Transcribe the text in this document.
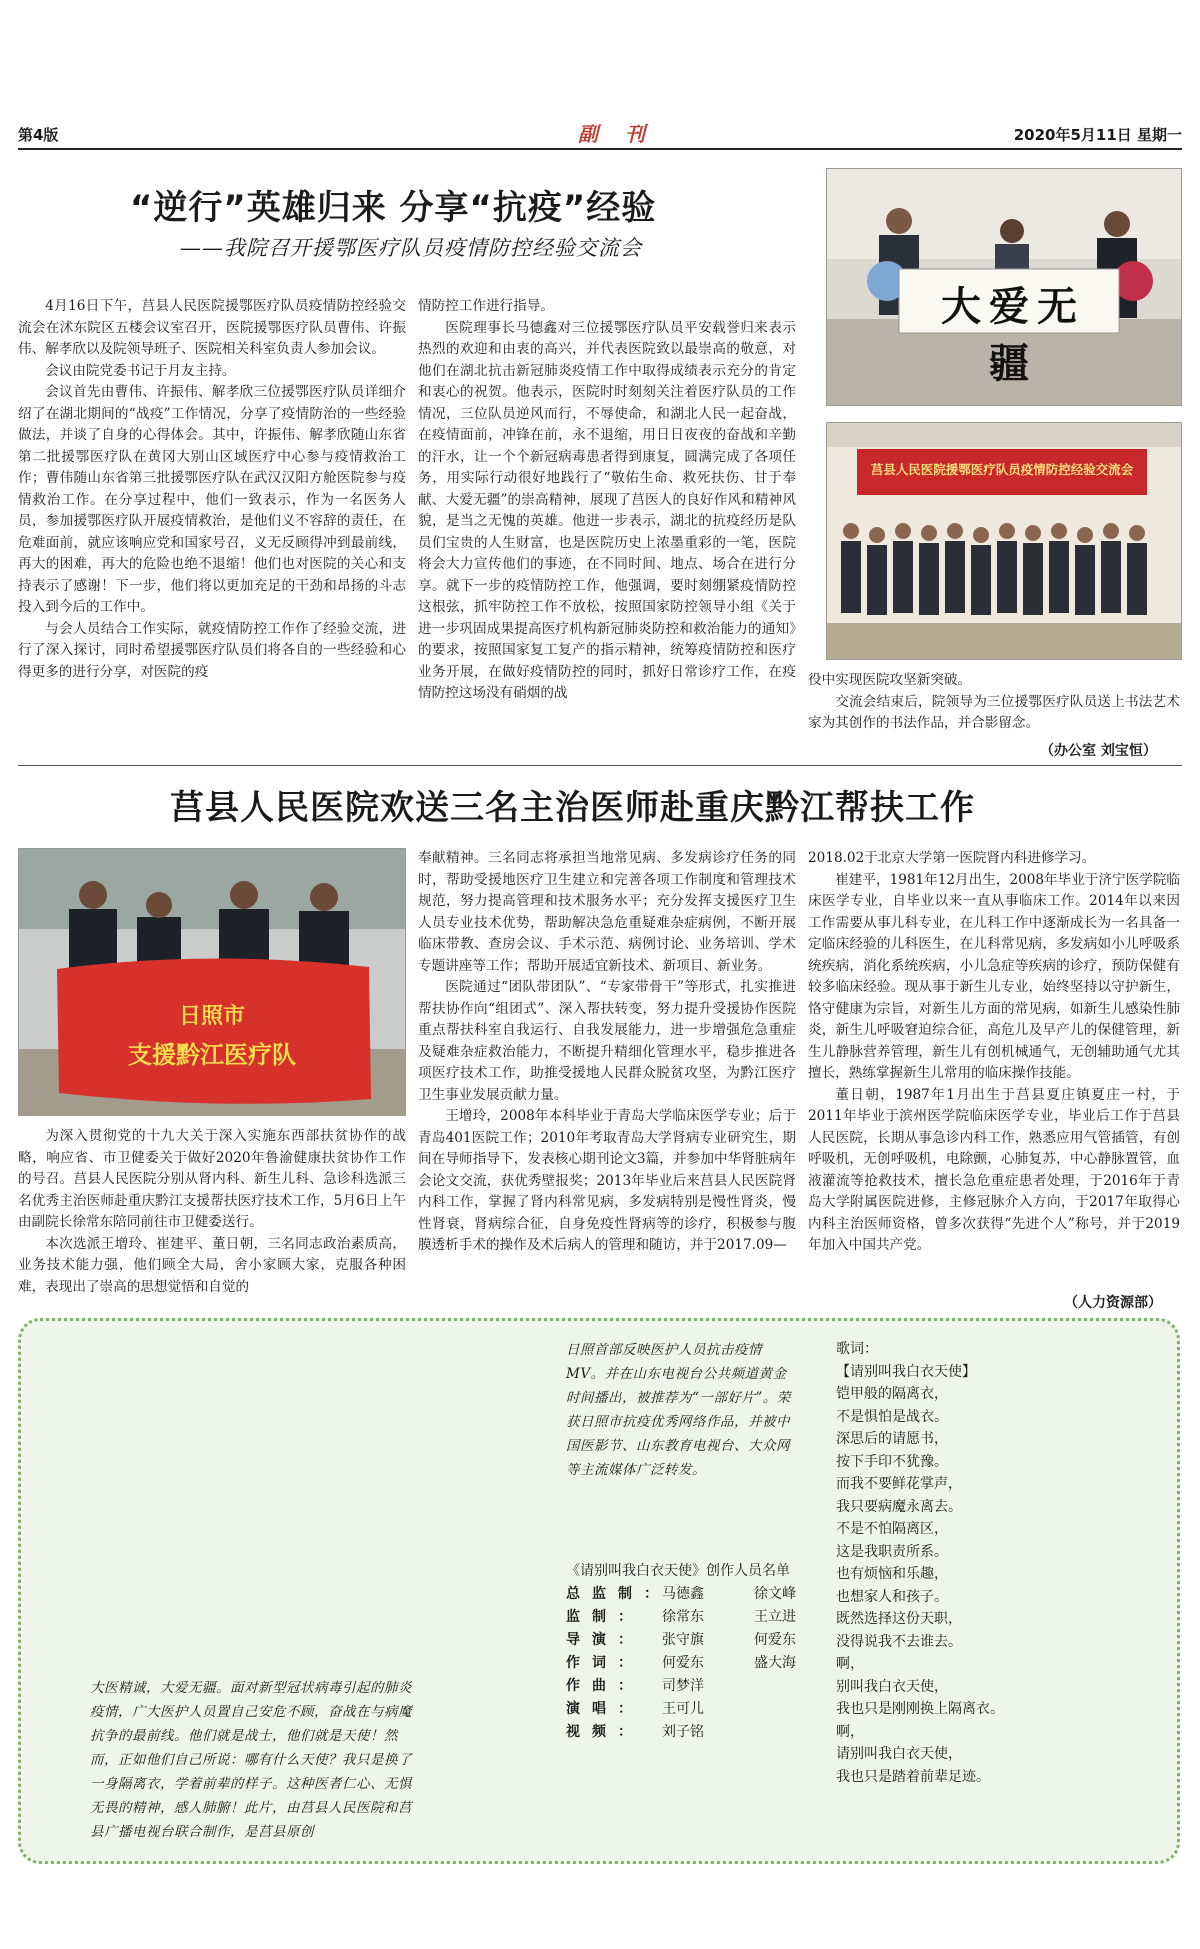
第4版	副 刊	2020年5月11日 星期一
“逆行”英雄归来 分享“抗疫”经验
——我院召开援鄂医疗队员疫情防控经验交流会

4月16日下午，莒县人民医院援鄂医疗队员疫情防控经验交流会在沭东院区五楼会议室召开，医院援鄂医疗队员曹伟、许振伟、解孝欣以及院领导班子、医院相关科室负责人参加会议。

会议由院党委书记于月友主持。

会议首先由曹伟、许振伟、解孝欣三位援鄂医疗队员详细介绍了在湖北期间的“战疫”工作情况，分享了疫情防治的一些经验做法，并谈了自身的心得体会。其中，许振伟、解孝欣随山东省第二批援鄂医疗队在黄冈大别山区域医疗中心参与疫情救治工作；曹伟随山东省第三批援鄂医疗队在武汉汉阳方舱医院参与疫情救治工作。在分享过程中，他们一致表示，作为一名医务人员，参加援鄂医疗队开展疫情救治，是他们义不容辞的责任，在危难面前，就应该响应党和国家号召，义无反顾得冲到最前线，再大的困难，再大的危险也绝不退缩！他们也对医院的关心和支持表示了感谢！下一步，他们将以更加充足的干劲和昂扬的斗志投入到今后的工作中。

与会人员结合工作实际，就疫情防控工作作了经验交流，进行了深入探讨，同时希望援鄂医疗队员们将各自的一些经验和心得更多的进行分享，对医院的疫

情防控工作进行指导。

医院理事长马德鑫对三位援鄂医疗队员平安载誉归来表示热烈的欢迎和由衷的高兴，并代表医院致以最崇高的敬意，对他们在湖北抗击新冠肺炎疫情工作中取得成绩表示充分的肯定和衷心的祝贺。他表示，医院时时刻刻关注着医疗队员的工作情况，三位队员逆风而行，不辱使命，和湖北人民一起奋战，在疫情面前，冲锋在前，永不退缩，用日日夜夜的奋战和辛勤的汗水，让一个个新冠病毒患者得到康复，圆满完成了各项任务，用实际行动很好地践行了“敬佑生命、救死扶伤、甘于奉献、大爱无疆”的崇高精神，展现了莒医人的良好作风和精神风貌，是当之无愧的英雄。他进一步表示，湖北的抗疫经历是队员们宝贵的人生财富，也是医院历史上浓墨重彩的一笔，医院将会大力宣传他们的事迹，在不同时间、地点、场合在进行分享。就下一步的疫情防控工作，他强调，要时刻绷紧疫情防控这根弦，抓牢防控工作不放松，按照国家防控领导小组《关于进一步巩固成果提高医疗机构新冠肺炎防控和救治能力的通知》的要求，按照国家复工复产的指示精神，统筹疫情防控和医疗业务开展，在做好疫情防控的同时，抓好日常诊疗工作，在疫情防控这场没有硝烟的战

大爱无疆
莒县人民医院援鄂医疗队员疫情防控经验交流会

役中实现医院攻坚新突破。

交流会结束后，院领导为三位援鄂医疗队员送上书法艺术家为其创作的书法作品，并合影留念。

（办公室 刘宝恒）
莒县人民医院欢送三名主治医师赴重庆黔江帮扶工作
日照市
支援黔江医疗队

为深入贯彻党的十九大关于深入实施东西部扶贫协作的战略，响应省、市卫健委关于做好2020年鲁渝健康扶贫协作工作的号召。莒县人民医院分别从肾内科、新生儿科、急诊科选派三名优秀主治医师赴重庆黔江支援帮扶医疗技术工作，5月6日上午由副院长徐常东陪同前往市卫健委送行。

本次选派王增玲、崔建平、董日朝，三名同志政治素质高，业务技术能力强，他们顾全大局，舍小家顾大家，克服各种困难，表现出了崇高的思想觉悟和自觉的

奉献精神。三名同志将承担当地常见病、多发病诊疗任务的同时，帮助受援地医疗卫生建立和完善各项工作制度和管理技术规范，努力提高管理和技术服务水平；充分发挥支援医疗卫生人员专业技术优势，帮助解决急危重疑难杂症病例，不断开展临床带教、查房会议、手术示范、病例讨论、业务培训、学术专题讲座等工作；帮助开展适宜新技术、新项目、新业务。

医院通过“团队带团队”、“专家带骨干”等形式，扎实推进帮扶协作向“组团式”、深入帮扶转变，努力提升受援协作医院重点帮扶科室自我运行、自我发展能力，进一步增强危急重症及疑难杂症救治能力，不断提升精细化管理水平，稳步推进各项医疗技术工作，助推受援地人民群众脱贫攻坚，为黔江医疗卫生事业发展贡献力量。

王增玲，2008年本科毕业于青岛大学临床医学专业；后于青岛401医院工作；2010年考取青岛大学肾病专业研究生，期间在导师指导下，发表核心期刊论文3篇，并参加中华肾脏病年会论文交流，获优秀壁报奖；2013年毕业后来莒县人民医院肾内科工作，掌握了肾内科常见病，多发病特别是慢性肾炎，慢性肾衰，肾病综合征，自身免疫性肾病等的诊疗，积极参与腹膜透析手术的操作及术后病人的管理和随访，并于2017.09—

2018.02于北京大学第一医院肾内科进修学习。

崔建平，1981年12月出生，2008年毕业于济宁医学院临床医学专业，自毕业以来一直从事临床工作。2014年以来因工作需要从事儿科专业，在儿科工作中逐渐成长为一名具备一定临床经验的儿科医生，在儿科常见病，多发病如小儿呼吸系统疾病，消化系统疾病，小儿急症等疾病的诊疗，预防保健有较多临床经验。现从事于新生儿专业，始终坚持以守护新生，恪守健康为宗旨，对新生儿方面的常见病，如新生儿感染性肺炎，新生儿呼吸窘迫综合征，高危儿及早产儿的保健管理，新生儿静脉营养管理，新生儿有创机械通气，无创辅助通气尤其擅长，熟练掌握新生儿常用的临床操作技能。

董日朝，1987年1月出生于莒县夏庄镇夏庄一村，于2011年毕业于滨州医学院临床医学专业，毕业后工作于莒县人民医院，长期从事急诊内科工作，熟悉应用气管插管，有创呼吸机，无创呼吸机，电除颤，心肺复苏，中心静脉置管，血液灌流等抢救技术，擅长急危重症患者处理，于2016年于青岛大学附属医院进修，主修冠脉介入方向，于2017年取得心内科主治医师资格，曾多次获得“先进个人”称号，并于2019年加入中国共产党。

（人力资源部）
大医精诚，大爱无疆。面对新型冠状病毒引起的肺炎疫情，广大医护人员置自己安危不顾，奋战在与病魔抗争的最前线。他们就是战士，他们就是天使！然而，正如他们自己所说：哪有什么天使？我只是换了一身隔离衣，学着前辈的样子。这种医者仁心、无惧无畏的精神，感人肺腑！此片，由莒县人民医院和莒县广播电视台联合制作，是莒县原创
日照首部反映医护人员抗击疫情MV。并在山东电视台公共频道黄金时间播出，被推荐为“一部好片”。荣获日照市抗疫优秀网络作品，并被中国医影节、山东教育电视台、大众网等主流媒体广泛转发。
《请别叫我白衣天使》创作人员名单
总监制：马德鑫	徐文峰
监制： 徐常东	王立进
导演： 张守旗	何爱东
作词： 何爱东	盛大海
作曲： 司梦洋
演唱： 王可儿
视频： 刘子铭
歌词：
【请别叫我白衣天使】
铠甲般的隔离衣，
不是惧怕是战衣。
深思后的请愿书，
按下手印不犹豫。
而我不要鲜花掌声，
我只要病魔永离去。
不是不怕隔离区，
这是我职责所系。
也有烦恼和乐趣，
也想家人和孩子。
既然选择这份天职，
没得说我不去谁去。
啊，
别叫我白衣天使，
我也只是刚刚换上隔离衣。
啊，
请别叫我白衣天使，
我也只是踏着前辈足迹。
